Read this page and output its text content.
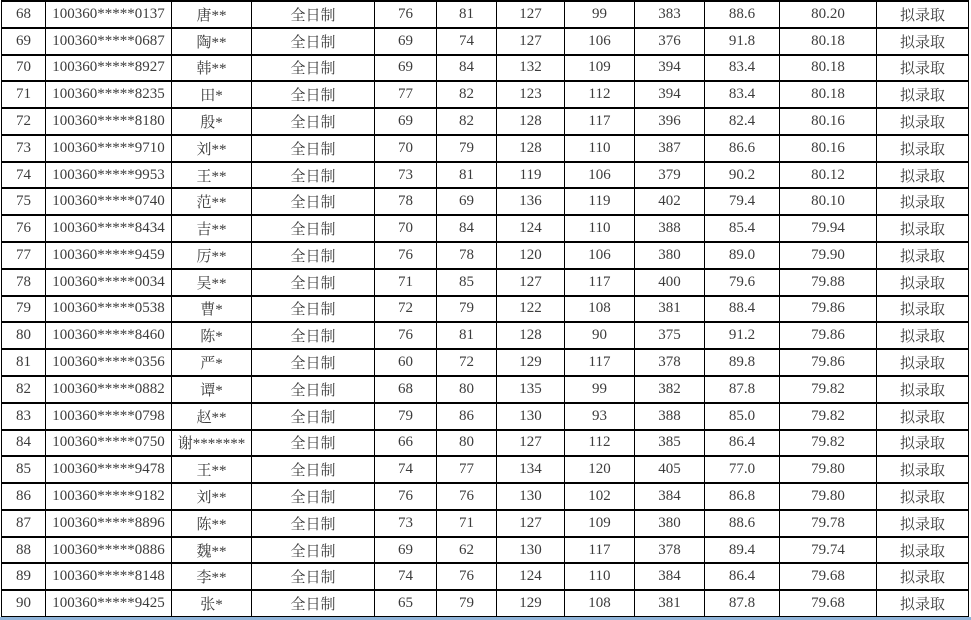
68	100360*****0137	唐**	全日制	76	81	127	99	383	88.6	80.20	拟录取
69	100360*****0687	陶**	全日制	69	74	127	106	376	91.8	80.18	拟录取
70	100360*****8927	韩**	全日制	69	84	132	109	394	83.4	80.18	拟录取
71	100360*****8235	田*	全日制	77	82	123	112	394	83.4	80.18	拟录取
72	100360*****8180	殷*	全日制	69	82	128	117	396	82.4	80.16	拟录取
73	100360*****9710	刘**	全日制	70	79	128	110	387	86.6	80.16	拟录取
74	100360*****9953	王**	全日制	73	81	119	106	379	90.2	80.12	拟录取
75	100360*****0740	范**	全日制	78	69	136	119	402	79.4	80.10	拟录取
76	100360*****8434	吉**	全日制	70	84	124	110	388	85.4	79.94	拟录取
77	100360*****9459	厉**	全日制	76	78	120	106	380	89.0	79.90	拟录取
78	100360*****0034	吴**	全日制	71	85	127	117	400	79.6	79.88	拟录取
79	100360*****0538	曹*	全日制	72	79	122	108	381	88.4	79.86	拟录取
80	100360*****8460	陈*	全日制	76	81	128	90	375	91.2	79.86	拟录取
81	100360*****0356	严*	全日制	60	72	129	117	378	89.8	79.86	拟录取
82	100360*****0882	谭*	全日制	68	80	135	99	382	87.8	79.82	拟录取
83	100360*****0798	赵**	全日制	79	86	130	93	388	85.0	79.82	拟录取
84	100360*****0750	谢*******	全日制	66	80	127	112	385	86.4	79.82	拟录取
85	100360*****9478	王**	全日制	74	77	134	120	405	77.0	79.80	拟录取
86	100360*****9182	刘**	全日制	76	76	130	102	384	86.8	79.80	拟录取
87	100360*****8896	陈**	全日制	73	71	127	109	380	88.6	79.78	拟录取
88	100360*****0886	魏**	全日制	69	62	130	117	378	89.4	79.74	拟录取
89	100360*****8148	李**	全日制	74	76	124	110	384	86.4	79.68	拟录取
90	100360*****9425	张*	全日制	65	79	129	108	381	87.8	79.68	拟录取
